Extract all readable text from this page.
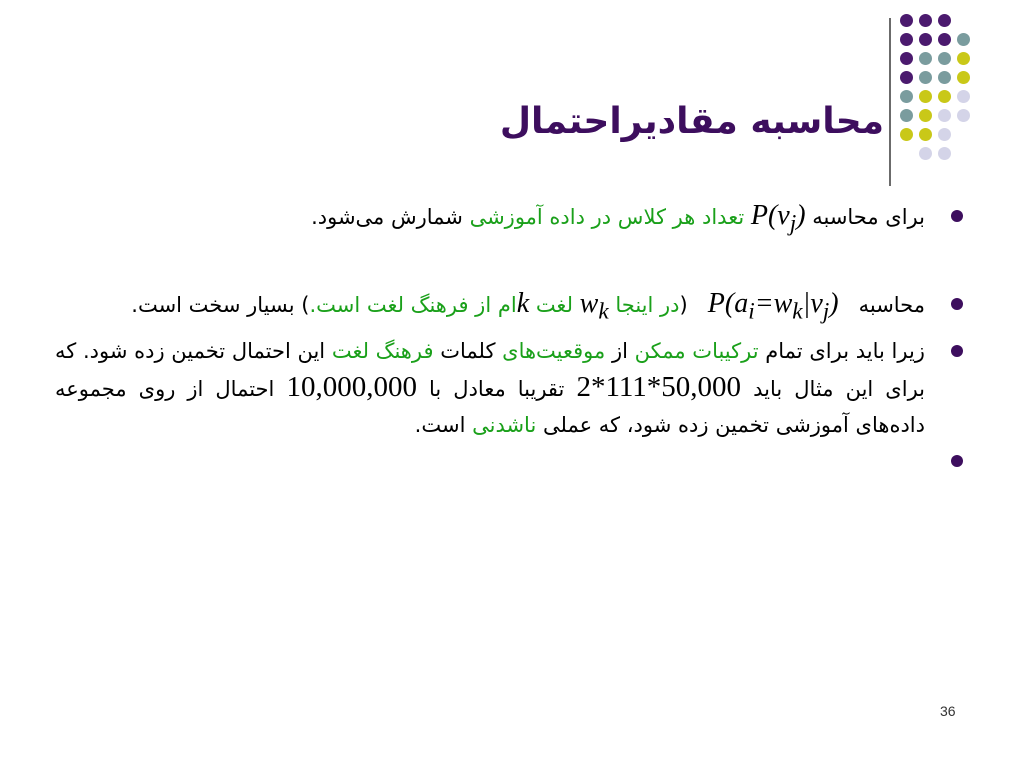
محاسبه مقادیراحتمال
برای محاسبه $P(v_j)$ تعداد هر کلاس در داده آموزشی شمارش می‌شود.
محاسبه   $P(a_i=w_k|v_j)$   (در اینجا $w_k$ لغت kام از فرهنگ لغت است.) بسیار سخت است.
زیرا باید برای تمام ترکیبات ممکن از موقعیت‌های کلمات فرهنگ لغت این احتمال تخمین زده شود. که برای این مثال باید 2*111*50,000 تقریبا معادل با 10,000,000 احتمال از روی مجموعه داده‌های آموزشی تخمین زده شود، که عملی ناشدنی است.
36
